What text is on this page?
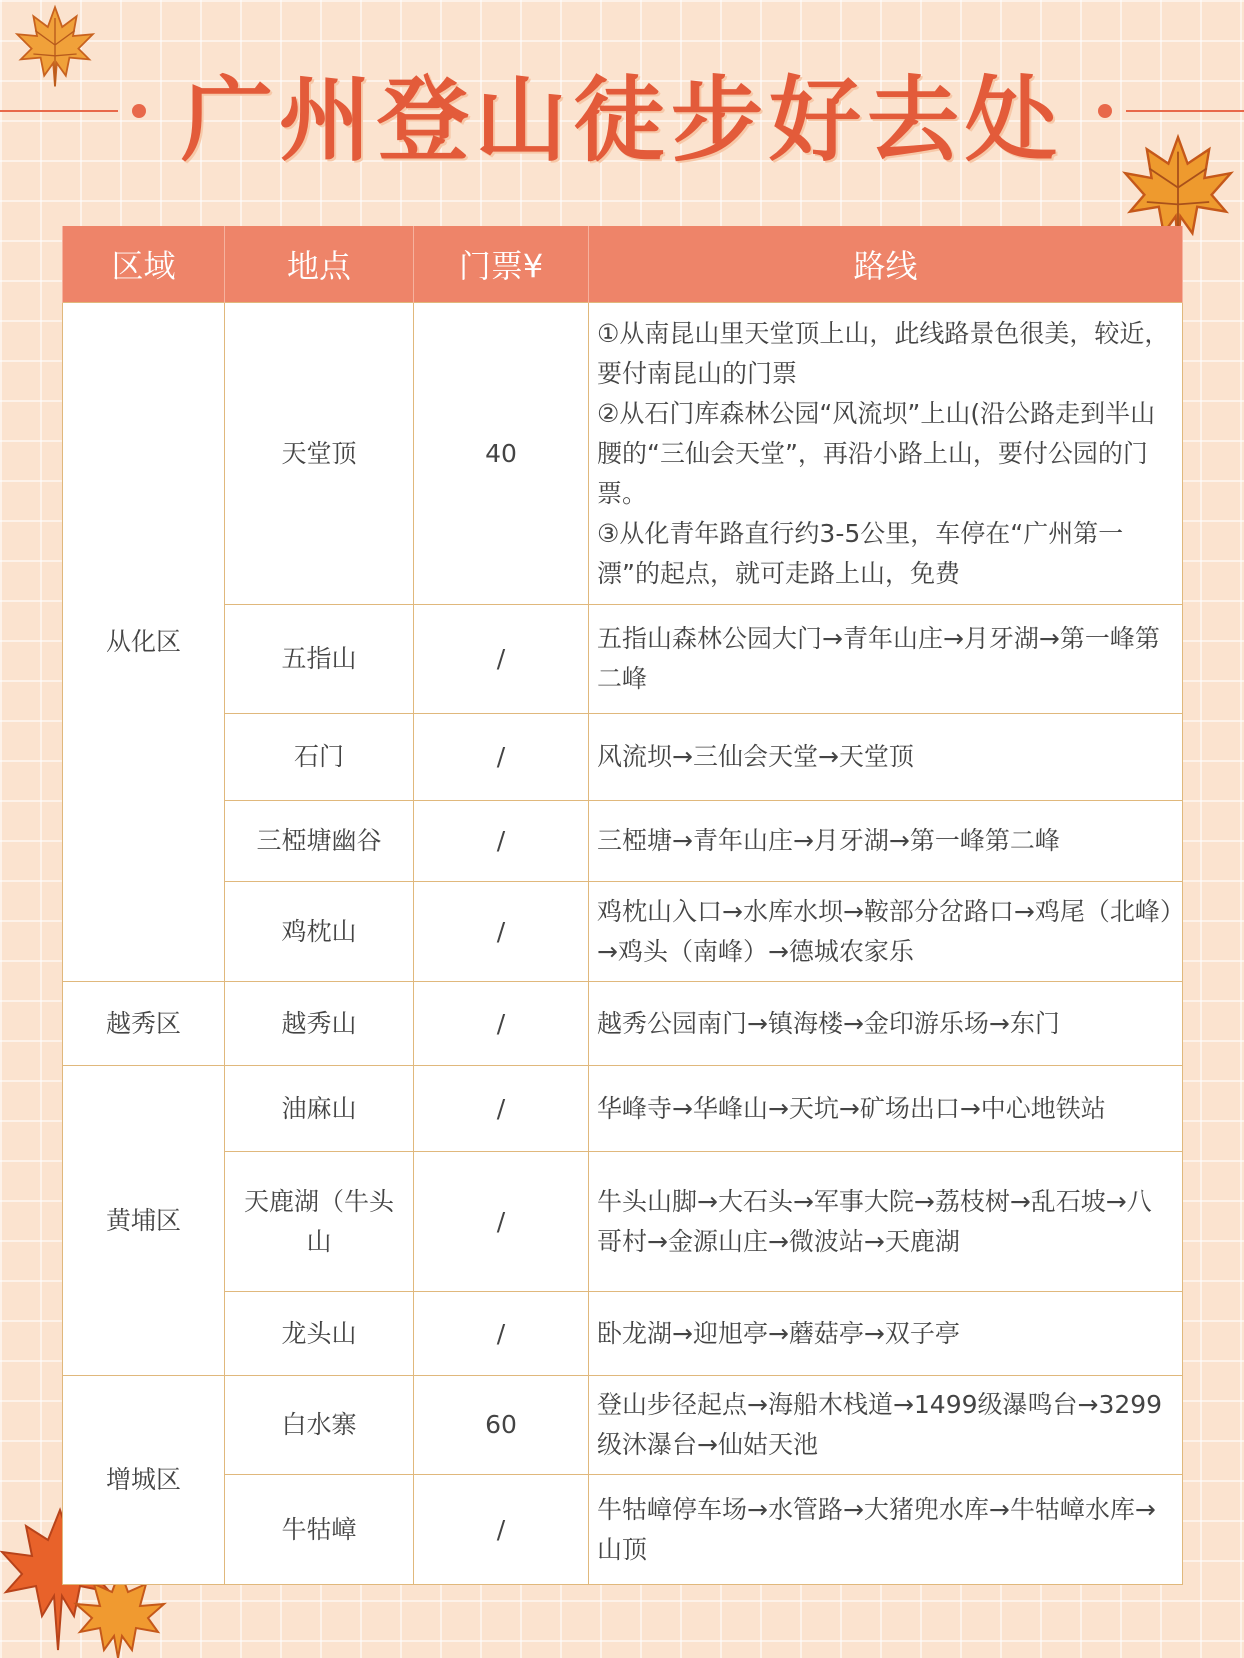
广州登山徒步好去处
区域	地点	门票¥	路线
从化区	天堂顶	40	①从南昆山里天堂顶上山，此线路景色很美，较近，要付南昆山的门票
②从石门库森林公园“风流坝”上山(沿公路走到半山腰的“三仙会天堂”，再沿小路上山，要付公园的门票。
③从化青年路直行约3-5公里，车停在“广州第一漂”的起点，就可走路上山，免费
	五指山	/	五指山森林公园大门→青年山庄→月牙湖→第一峰第二峰
	石门	/	风流坝→三仙会天堂→天堂顶
	三椏塘幽谷	/	三椏塘→青年山庄→月牙湖→第一峰第二峰
	鸡枕山	/	鸡枕山入口→水库水坝→鞍部分岔路口→鸡尾（北峰）→鸡头（南峰）→德城农家乐
越秀区	越秀山	/	越秀公园南门→镇海楼→金印游乐场→东门
黄埔区	油麻山	/	华峰寺→华峰山→天坑→矿场出口→中心地铁站
	天鹿湖（牛头山	/	牛头山脚→大石头→军事大院→荔枝树→乱石坡→八哥村→金源山庄→微波站→天鹿湖
	龙头山	/	卧龙湖→迎旭亭→蘑菇亭→双子亭
增城区	白水寨	60	登山步径起点→海船木栈道→1499级瀑鸣台→3299级沐瀑台→仙姑天池
	牛牯嶂	/	牛牯嶂停车场→水管路→大猪兜水库→牛牯嶂水库→山顶
